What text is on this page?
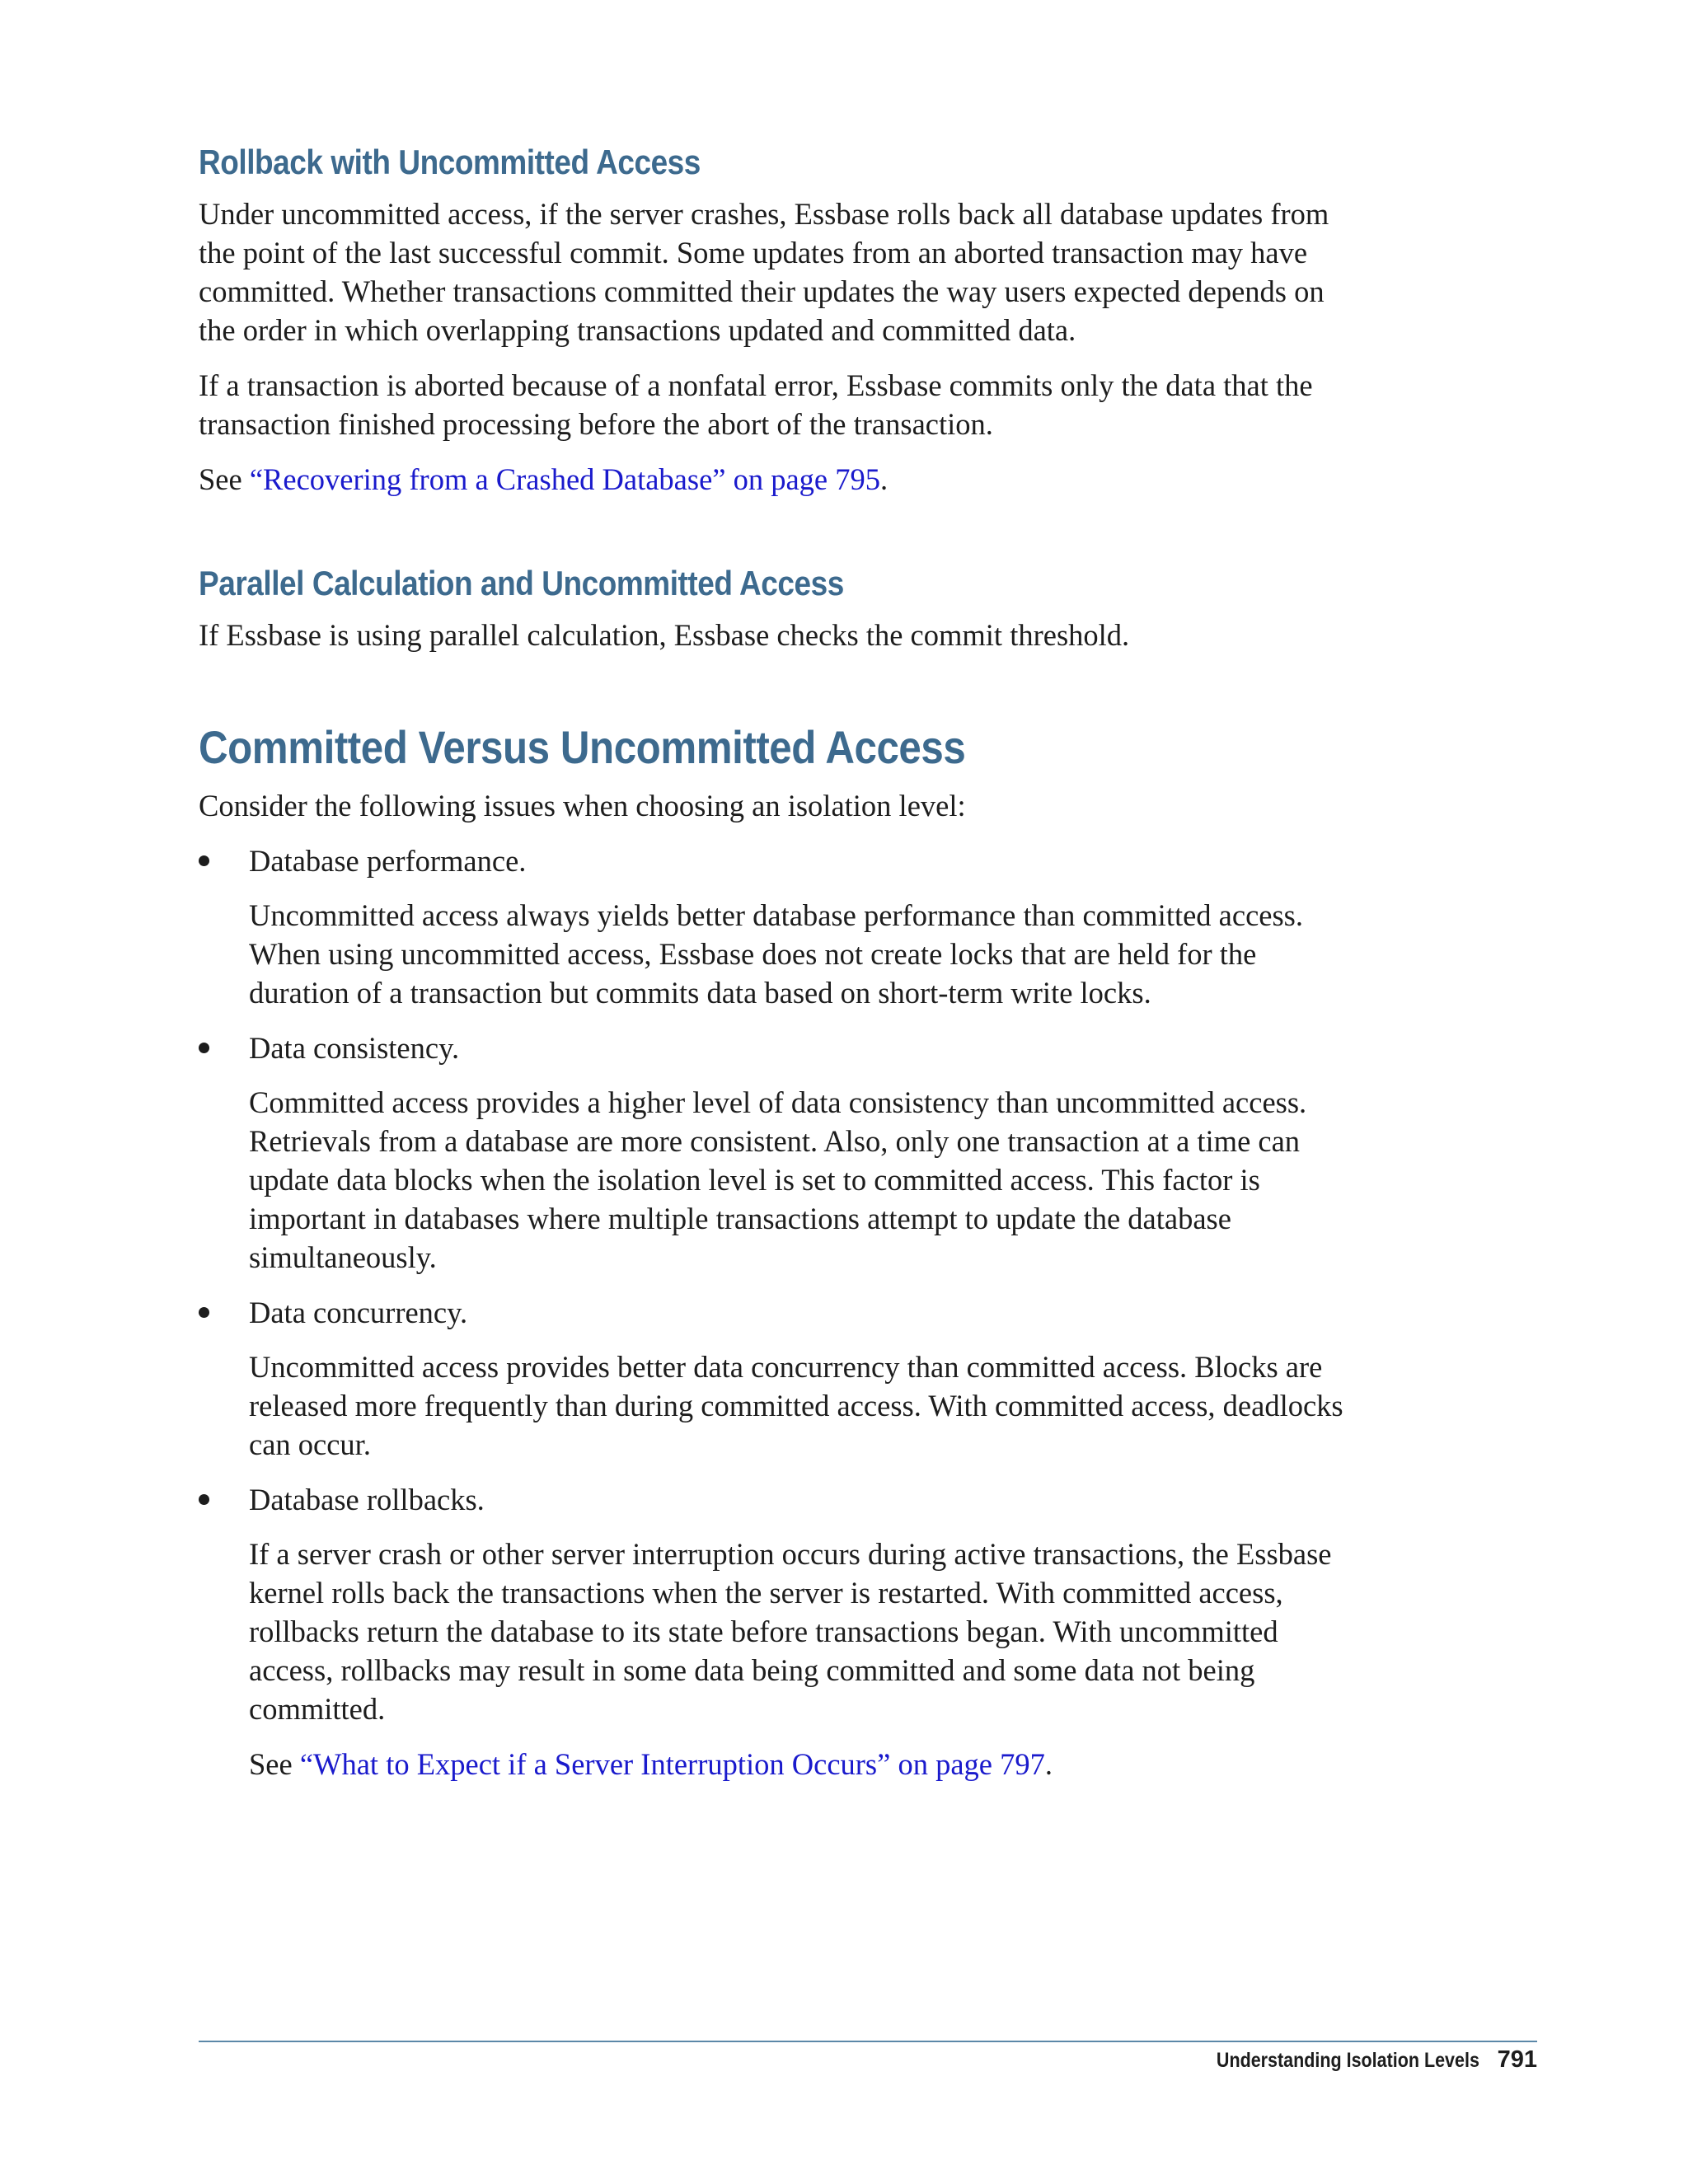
Rollback with Uncommitted Access

Under uncommitted access, if the server crashes, Essbase rolls back all database updates from the point of the last successful commit. Some updates from an aborted transaction may have committed. Whether transactions committed their updates the way users expected depends on the order in which overlapping transactions updated and committed data.

If a transaction is aborted because of a nonfatal error, Essbase commits only the data that the transaction finished processing before the abort of the transaction.

See “Recovering from a Crashed Database” on page 795.

Parallel Calculation and Uncommitted Access

If Essbase is using parallel calculation, Essbase checks the commit threshold.

Committed Versus Uncommitted Access

Consider the following issues when choosing an isolation level:

Database performance.

Uncommitted access always yields better database performance than committed access. When using uncommitted access, Essbase does not create locks that are held for the duration of a transaction but commits data based on short-term write locks.

Data consistency.

Committed access provides a higher level of data consistency than uncommitted access. Retrievals from a database are more consistent. Also, only one transaction at a time can update data blocks when the isolation level is set to committed access. This factor is important in databases where multiple transactions attempt to update the database simultaneously.

Data concurrency.

Uncommitted access provides better data concurrency than committed access. Blocks are released more frequently than during committed access. With committed access, deadlocks can occur.

Database rollbacks.

If a server crash or other server interruption occurs during active transactions, the Essbase kernel rolls back the transactions when the server is restarted. With committed access, rollbacks return the database to its state before transactions began. With uncommitted access, rollbacks may result in some data being committed and some data not being committed.

See “What to Expect if a Server Interruption Occurs” on page 797.

Understanding Isolation Levels 791
